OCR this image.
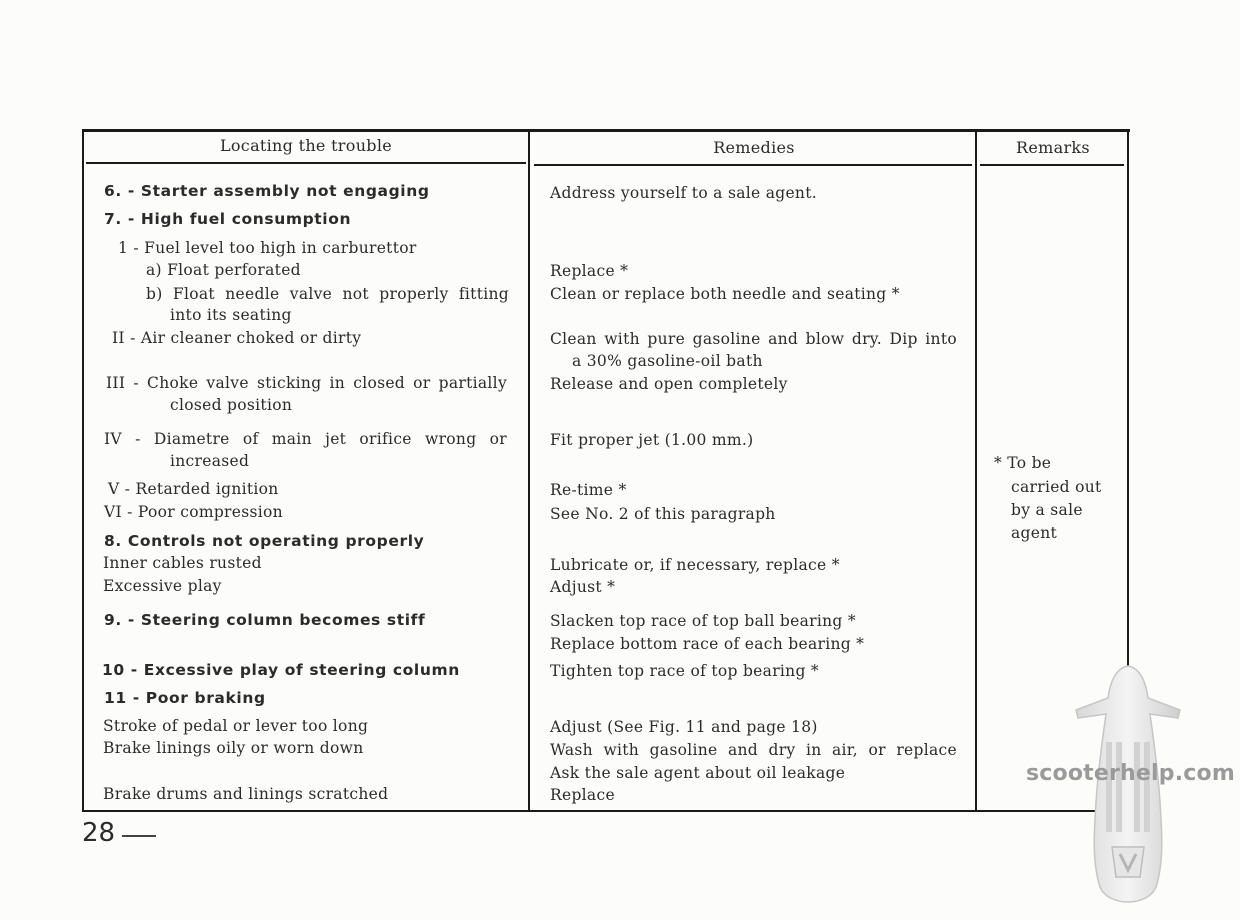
Locating the trouble	Remedies	Remarks
6. - Starter assembly not engaging
7. - High fuel consumption
1 - Fuel level too high in carburettor
a) Float perforated
b) Float needle valve not properly fitting
into its seating
II - Air cleaner choked or dirty
III - Choke valve sticking in closed or partially
closed position
IV - Diametre of main jet orifice wrong or
increased
V - Retarded ignition
VI - Poor compression
8. Controls not operating properly
Inner cables rusted
Excessive play
9. - Steering column becomes stiff
10 - Excessive play of steering column
11 - Poor braking
Stroke of pedal or lever too long
Brake linings oily or worn down
Brake drums and linings scratched
Address yourself to a sale agent.
Replace *
Clean or replace both needle and seating *
Clean with pure gasoline and blow dry. Dip into
a 30% gasoline-oil bath
Release and open completely
Fit proper jet (1.00 mm.)
Re-time *
See No. 2 of this paragraph
Lubricate or, if necessary, replace *
Adjust *
Slacken top race of top ball bearing *
Replace bottom race of each bearing *
Tighten top race of top bearing *
Adjust (See Fig. 11 and page 18)
Wash with gasoline and dry in air, or replace
Ask the sale agent about oil leakage
Replace
* To be
carried out
by a sale
agent
28
scooterhelp.com
